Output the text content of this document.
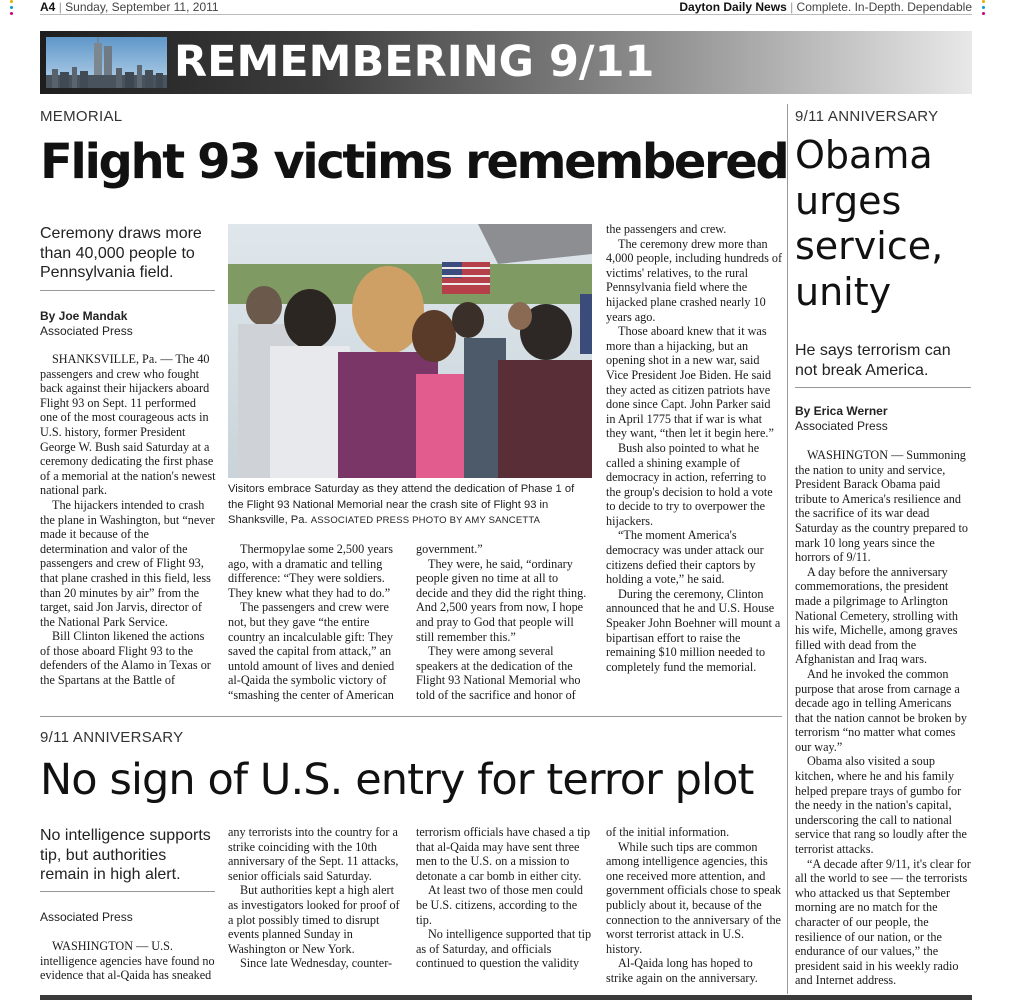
A4 | Sunday, September 11, 2011	Dayton Daily News | Complete. In-Depth. Dependable
REMEMBERING 9/11
MEMORIAL
Flight 93 victims remembered
Ceremony draws more than 40,000 people to Pennsylvania field.
By Joe Mandak
Associated Press

SHANKSVILLE, Pa. — The 40 passengers and crew who fought back against their hijackers aboard Flight 93 on Sept. 11 performed one of the most courageous acts in U.S. history, former President George W. Bush said Saturday at a ceremony dedicating the first phase of a memorial at the nation's newest national park.

The hijackers intended to crash the plane in Washington, but “never made it because of the determination and valor of the passengers and crew of Flight 93, that plane crashed in this field, less than 20 minutes by air” from the target, said Jon Jarvis, director of the National Park Service.

Bill Clinton likened the actions of those aboard Flight 93 to the defenders of the Alamo in Texas or the Spartans at the Battle of

Visitors embrace Saturday as they attend the dedication of Phase 1 of the Flight 93 National Memorial near the crash site of Flight 93 in Shanksville, Pa. ASSOCIATED PRESS PHOTO BY AMY SANCETTA

Thermopylae some 2,500 years ago, with a dramatic and telling difference: “They were soldiers. They knew what they had to do.”

The passengers and crew were not, but they gave “the entire country an incalculable gift: They saved the capital from attack,” an untold amount of lives and denied al-Qaida the symbolic victory of “smashing the center of American

government.”

They were, he said, “ordinary people given no time at all to decide and they did the right thing. And 2,500 years from now, I hope and pray to God that people will still remember this.”

They were among several speakers at the dedication of the Flight 93 National Memorial who told of the sacrifice and honor of

the passengers and crew.

The ceremony drew more than 4,000 people, including hundreds of victims' relatives, to the rural Pennsylvania field where the hijacked plane crashed nearly 10 years ago.

Those aboard knew that it was more than a hijacking, but an opening shot in a new war, said Vice President Joe Biden. He said they acted as citizen patriots have done since Capt. John Parker said in April 1775 that if war is what they want, “then let it begin here.”

Bush also pointed to what he called a shining example of democracy in action, referring to the group's decision to hold a vote to decide to try to overpower the hijackers.

“The moment America's democracy was under attack our citizens defied their captors by holding a vote,” he said.

During the ceremony, Clinton announced that he and U.S. House Speaker John Boehner will mount a bipartisan effort to raise the remaining $10 million needed to completely fund the memorial.

9/11 ANNIVERSARY
Obama urges service, unity
He says terrorism can not break America.
By Erica Werner
Associated Press

WASHINGTON — Summoning the nation to unity and service, President Barack Obama paid tribute to America's resilience and the sacrifice of its war dead Saturday as the country prepared to mark 10 long years since the horrors of 9/11.

A day before the anniversary commemorations, the president made a pilgrimage to Arlington National Cemetery, strolling with his wife, Michelle, among graves filled with dead from the Afghanistan and Iraq wars.

And he invoked the common purpose that arose from carnage a decade ago in telling Americans that the nation cannot be broken by terrorism “no matter what comes our way.”

Obama also visited a soup kitchen, where he and his family helped prepare trays of gumbo for the needy in the nation's capital, underscoring the call to national service that rang so loudly after the terrorist attacks.

“A decade after 9/11, it's clear for all the world to see — the terrorists who attacked us that September morning are no match for the character of our people, the resilience of our nation, or the endurance of our values,” the president said in his weekly radio and Internet address.

9/11 ANNIVERSARY
No sign of U.S. entry for terror plot
No intelligence supports tip, but authorities remain in high alert.
Associated Press

WASHINGTON — U.S. intelligence agencies have found no evidence that al-Qaida has sneaked

any terrorists into the country for a strike coinciding with the 10th anniversary of the Sept. 11 attacks, senior officials said Saturday.

But authorities kept a high alert as investigators looked for proof of a plot possibly timed to disrupt events planned Sunday in Washington or New York.

Since late Wednesday, counter-

terrorism officials have chased a tip that al-Qaida may have sent three men to the U.S. on a mission to detonate a car bomb in either city.

At least two of those men could be U.S. citizens, according to the tip.

No intelligence supported that tip as of Saturday, and officials continued to question the validity

of the initial information.

While such tips are common among intelligence agencies, this one received more attention, and government officials chose to speak publicly about it, because of the connection to the anniversary of the worst terrorist attack in U.S. history.

Al-Qaida long has hoped to strike again on the anniversary.
